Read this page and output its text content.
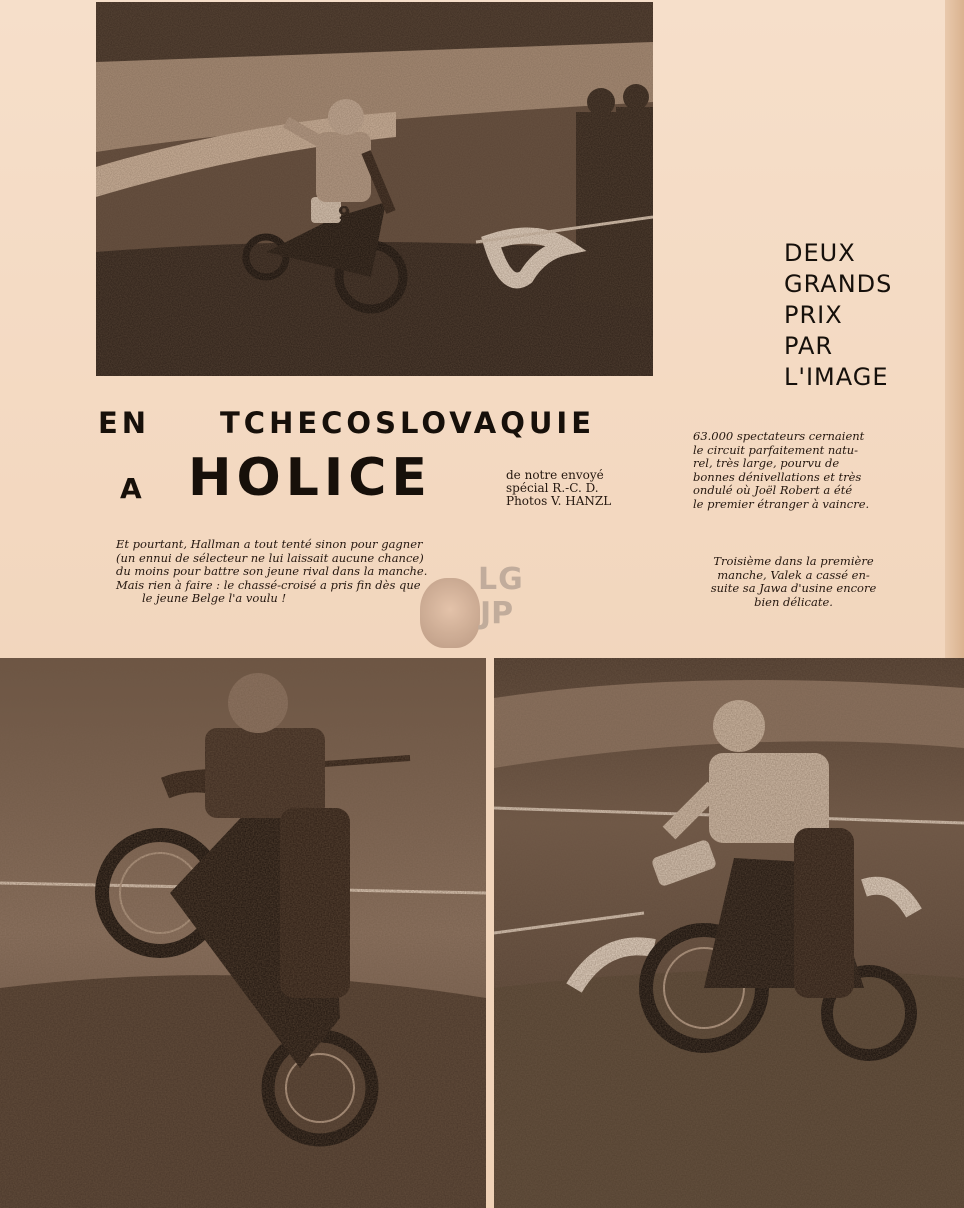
DEUX
GRANDS
PRIX
PAR
L'IMAGE
EN TCHECOSLOVAQUIE
A HOLICE	de notre envoyé
spécial R.-C. D.
Photos V. HANZL
63.000 spectateurs cernaient
le circuit parfaitement natu-
rel, très large, pourvu de
bonnes dénivellations et très
ondulé où Joël Robert a été
le premier étranger à vaincre.
Et pourtant, Hallman a tout tenté sinon pour gagner
(un ennui de sélecteur ne lui laissait aucune chance)
du moins pour battre son jeune rival dans la manche.
Mais rien à faire : le chassé-croisé a pris fin dès que
le jeune Belge l'a voulu !
Troisième dans la première
manche, Valek a cassé en-
suite sa Jawa d'usine encore
bien délicate.
LG
JP
